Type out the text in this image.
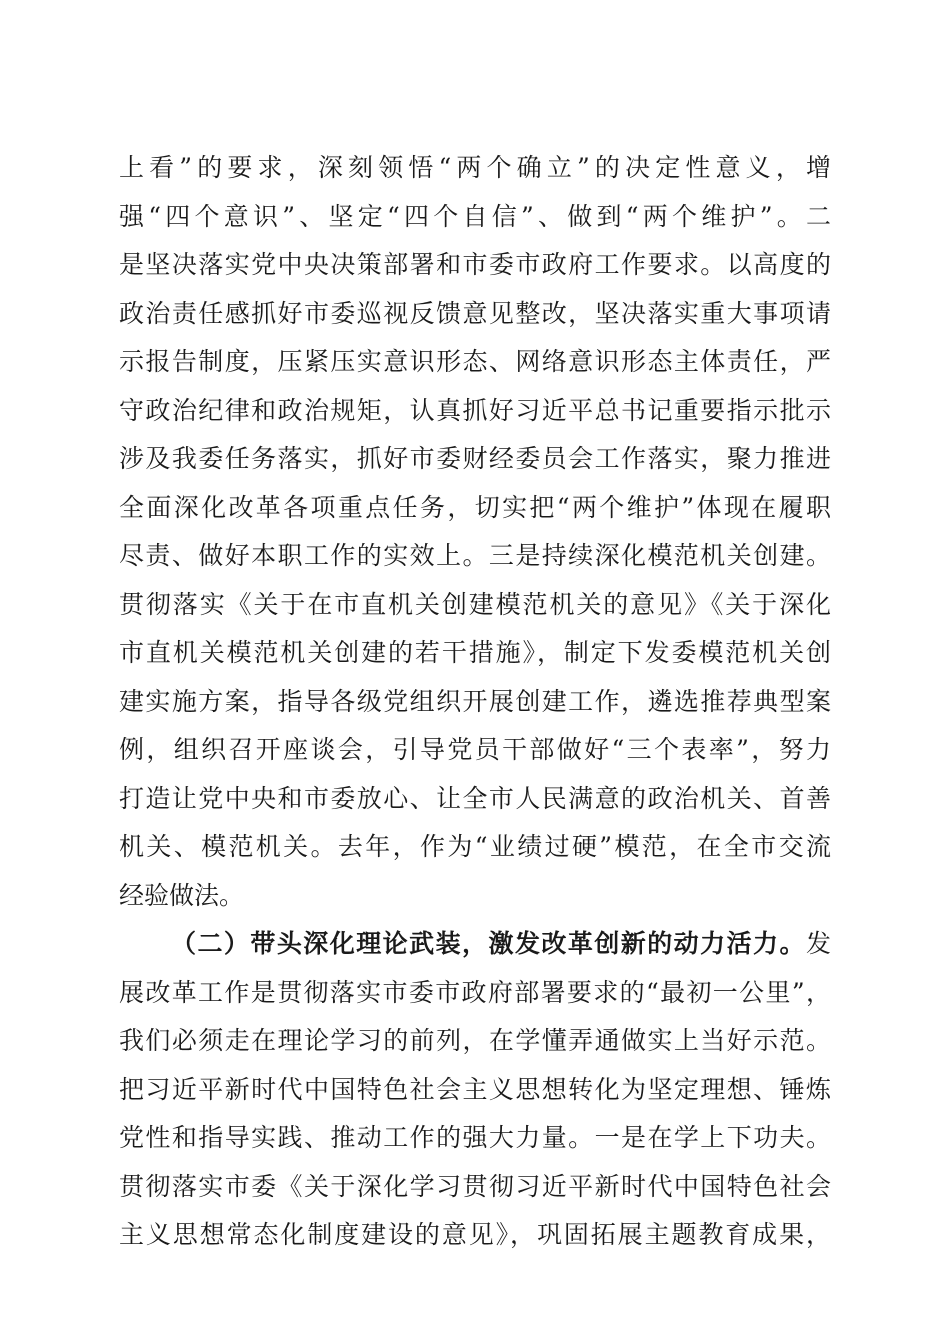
上看”的要求，深刻领悟“两个确立”的决定性意义，增
强“四个意识”、坚定“四个自信”、做到“两个维护”。二
是坚决落实党中央决策部署和市委市政府工作要求。以高度的
政治责任感抓好市委巡视反馈意见整改，坚决落实重大事项请
示报告制度，压紧压实意识形态、网络意识形态主体责任，严
守政治纪律和政治规矩，认真抓好习近平总书记重要指示批示
涉及我委任务落实，抓好市委财经委员会工作落实，聚力推进
全面深化改革各项重点任务，切实把“两个维护”体现在履职
尽责、做好本职工作的实效上。三是持续深化模范机关创建。
贯彻落实《关于在市直机关创建模范机关的意见》《关于深化
市直机关模范机关创建的若干措施》，制定下发委模范机关创
建实施方案，指导各级党组织开展创建工作，遴选推荐典型案
例，组织召开座谈会，引导党员干部做好“三个表率”，努力
打造让党中央和市委放心、让全市人民满意的政治机关、首善
机关、模范机关。去年，作为“业绩过硬”模范，在全市交流
经验做法。
（二）带头深化理论武装，激发改革创新的动力活力。发
展改革工作是贯彻落实市委市政府部署要求的“最初一公里”，
我们必须走在理论学习的前列，在学懂弄通做实上当好示范。
把习近平新时代中国特色社会主义思想转化为坚定理想、锤炼
党性和指导实践、推动工作的强大力量。一是在学上下功夫。
贯彻落实市委《关于深化学习贯彻习近平新时代中国特色社会
主义思想常态化制度建设的意见》，巩固拓展主题教育成果，
